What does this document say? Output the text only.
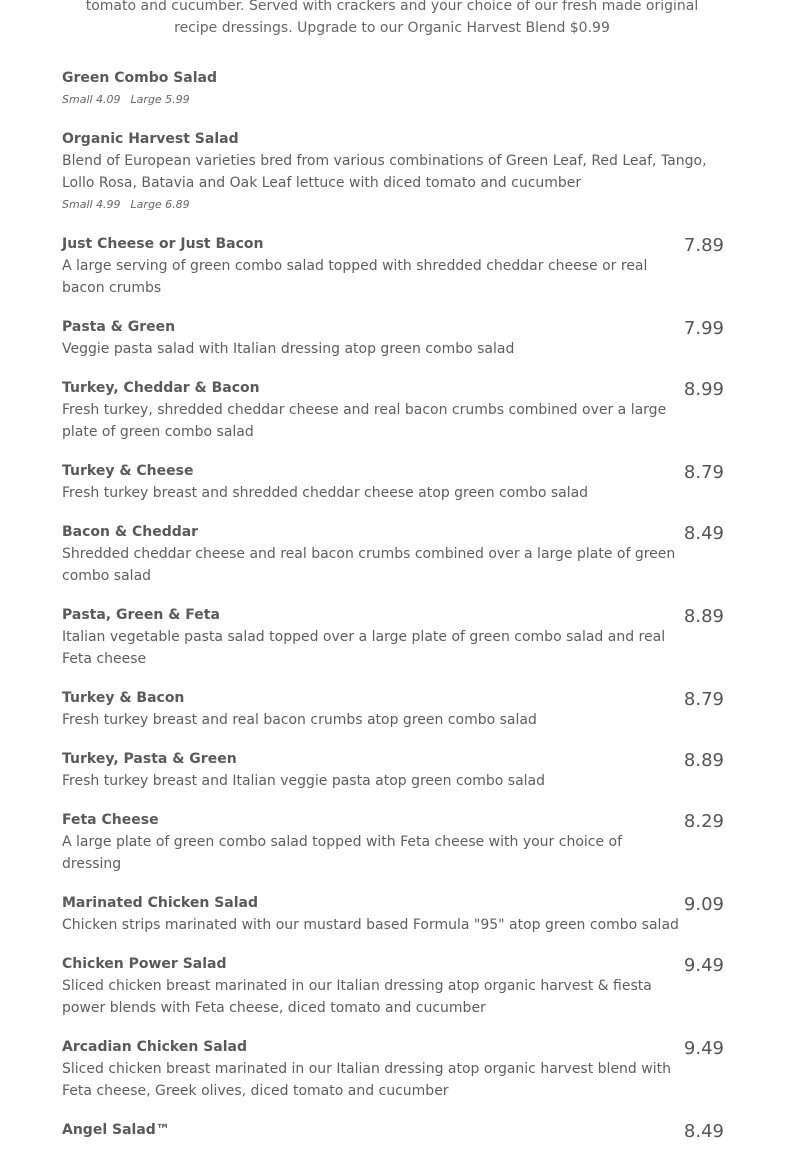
tomato and cucumber. Served with crackers and your choice of our fresh made original recipe dressings. Upgrade to our Organic Harvest Blend $0.99
Green Combo Salad
Small 4.09 Large 5.99
Organic Harvest Salad
Blend of European varieties bred from various combinations of Green Leaf, Red Leaf, Tango, Lollo Rosa, Batavia and Oak Leaf lettuce with diced tomato and cucumber
Small 4.99 Large 6.89
Just Cheese or Just Bacon
A large serving of green combo salad topped with shredded cheddar cheese or real bacon crumbs
7.89
Pasta & Green
Veggie pasta salad with Italian dressing atop green combo salad
7.99
Turkey, Cheddar & Bacon
Fresh turkey, shredded cheddar cheese and real bacon crumbs combined over a large plate of green combo salad
8.99
Turkey & Cheese
Fresh turkey breast and shredded cheddar cheese atop green combo salad
8.79
Bacon & Cheddar
Shredded cheddar cheese and real bacon crumbs combined over a large plate of green combo salad
8.49
Pasta, Green & Feta
Italian vegetable pasta salad topped over a large plate of green combo salad and real Feta cheese
8.89
Turkey & Bacon
Fresh turkey breast and real bacon crumbs atop green combo salad
8.79
Turkey, Pasta & Green
Fresh turkey breast and Italian veggie pasta atop green combo salad
8.89
Feta Cheese
A large plate of green combo salad topped with Feta cheese with your choice of dressing
8.29
Marinated Chicken Salad
Chicken strips marinated with our mustard based Formula "95" atop green combo salad
9.09
Chicken Power Salad
Sliced chicken breast marinated in our Italian dressing atop organic harvest & fiesta power blends with Feta cheese, diced tomato and cucumber
9.49
Arcadian Chicken Salad
Sliced chicken breast marinated in our Italian dressing atop organic harvest blend with Feta cheese, Greek olives, diced tomato and cucumber
9.49
Angel Salad™	8.49
